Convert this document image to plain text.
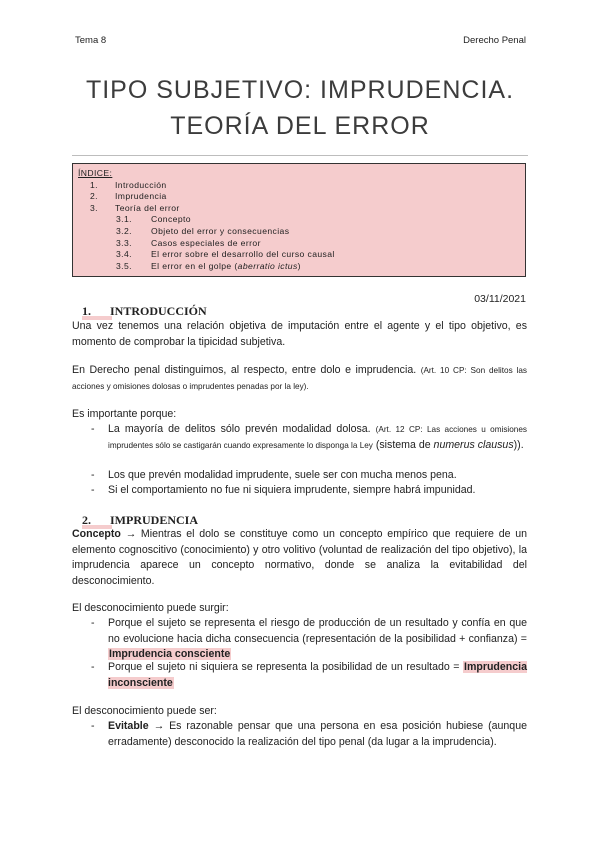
Tema 8	Derecho Penal
TIPO SUBJETIVO: IMPRUDENCIA.
TEORÍA DEL ERROR
ÍNDICE:
1. Introducción
2. Imprudencia
3. Teoría del error
3.1. Concepto
3.2. Objeto del error y consecuencias
3.3. Casos especiales de error
3.4. El error sobre el desarrollo del curso causal
3.5. El error en el golpe (aberratio ictus)
03/11/2021
1. INTRODUCCIÓN
Una vez tenemos una relación objetiva de imputación entre el agente y el tipo objetivo, es momento de comprobar la tipicidad subjetiva.
En Derecho penal distinguimos, al respecto, entre dolo e imprudencia. (Art. 10 CP: Son delitos las acciones y omisiones dolosas o imprudentes penadas por la ley).
Es importante porque:
- La mayoría de delitos sólo prevén modalidad dolosa. (Art. 12 CP: Las acciones u omisiones imprudentes sólo se castigarán cuando expresamente lo disponga la Ley (sistema de numerus clausus)).
- Los que prevén modalidad imprudente, suele ser con mucha menos pena.
- Si el comportamiento no fue ni siquiera imprudente, siempre habrá impunidad.
2. IMPRUDENCIA
Concepto → Mientras el dolo se constituye como un concepto empírico que requiere de un elemento cognoscitivo (conocimiento) y otro volitivo (voluntad de realización del tipo objetivo), la imprudencia aparece un concepto normativo, donde se analiza la evitabilidad del desconocimiento.
El desconocimiento puede surgir:
- Porque el sujeto se representa el riesgo de producción de un resultado y confía en que no evolucione hacia dicha consecuencia (representación de la posibilidad + confianza) = Imprudencia consciente
- Porque el sujeto ni siquiera se representa la posibilidad de un resultado = Imprudencia inconsciente
El desconocimiento puede ser:
- Evitable → Es razonable pensar que una persona en esa posición hubiese (aunque erradamente) desconocido la realización del tipo penal (da lugar a la imprudencia).
